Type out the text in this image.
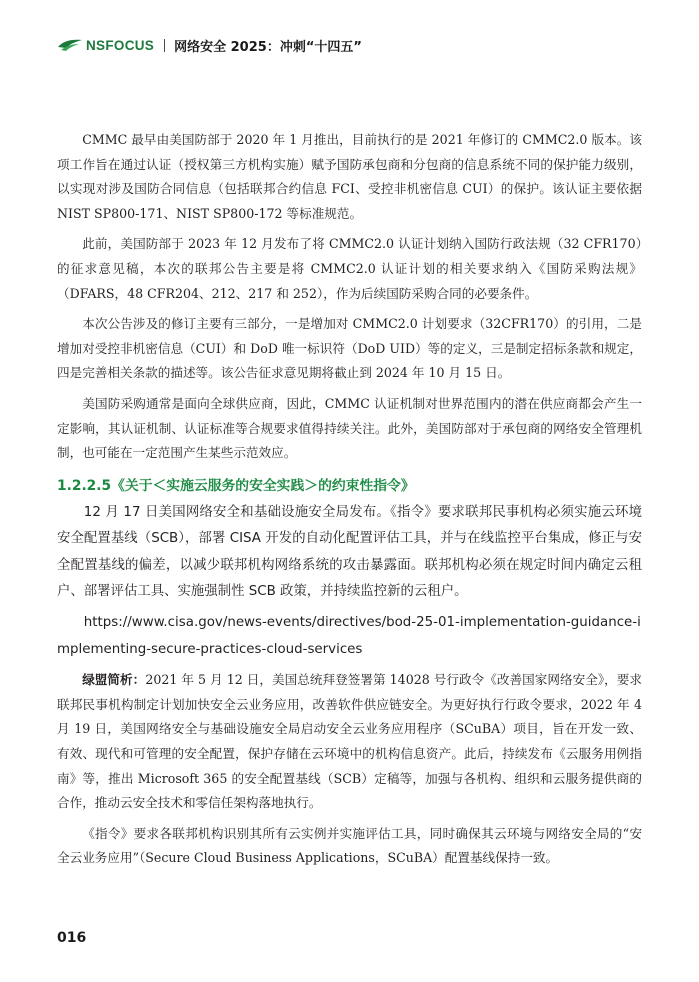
NSFOCUS 网络安全 2025：冲刺“十四五”

CMMC 最早由美国防部于 2020 年 1 月推出，目前执行的是 2021 年修订的 CMMC2.0 版本。该项工作旨在通过认证（授权第三方机构实施）赋予国防承包商和分包商的信息系统不同的保护能力级别，以实现对涉及国防合同信息（包括联邦合约信息 FCI、受控非机密信息 CUI）的保护。该认证主要依据 NIST SP800-171、NIST SP800-172 等标准规范。

此前，美国防部于 2023 年 12 月发布了将 CMMC2.0 认证计划纳入国防行政法规（32 CFR170）的征求意见稿，本次的联邦公告主要是将 CMMC2.0 认证计划的相关要求纳入《国防采购法规》（DFARS，48 CFR204、212、217 和 252），作为后续国防采购合同的必要条件。

本次公告涉及的修订主要有三部分，一是增加对 CMMC2.0 计划要求（32CFR170）的引用，二是增加对受控非机密信息（CUI）和 DoD 唯一标识符（DoD UID）等的定义，三是制定招标条款和规定，四是完善相关条款的描述等。该公告征求意见期将截止到 2024 年 10 月 15 日。

美国防采购通常是面向全球供应商，因此，CMMC 认证机制对世界范围内的潜在供应商都会产生一定影响，其认证机制、认证标准等合规要求值得持续关注。此外，美国防部对于承包商的网络安全管理机制，也可能在一定范围产生某些示范效应。

1.2.2.5《关于＜实施云服务的安全实践＞的约束性指令》

12 月 17 日美国网络安全和基础设施安全局发布。《指令》要求联邦民事机构必须实施云环境安全配置基线（SCB），部署 CISA 开发的自动化配置评估工具，并与在线监控平台集成，修正与安全配置基线的偏差，以减少联邦机构网络系统的攻击暴露面。联邦机构必须在规定时间内确定云租户、部署评估工具、实施强制性 SCB 政策，并持续监控新的云租户。

https://www.cisa.gov/news-events/directives/bod-25-01-implementation-guidance-implementing-secure-practices-cloud-services

绿盟简析：2021 年 5 月 12 日，美国总统拜登签署第 14028 号行政令《改善国家网络安全》，要求联邦民事机构制定计划加快安全云业务应用，改善软件供应链安全。为更好执行行政令要求，2022 年 4 月 19 日，美国网络安全与基础设施安全局启动安全云业务应用程序（SCuBA）项目，旨在开发一致、有效、现代和可管理的安全配置，保护存储在云环境中的机构信息资产。此后，持续发布《云服务用例指南》等，推出 Microsoft 365 的安全配置基线（SCB）定稿等，加强与各机构、组织和云服务提供商的合作，推动云安全技术和零信任架构落地执行。

《指令》要求各联邦机构识别其所有云实例并实施评估工具，同时确保其云环境与网络安全局的“安全云业务应用”（Secure Cloud Business Applications，SCuBA）配置基线保持一致。

016
